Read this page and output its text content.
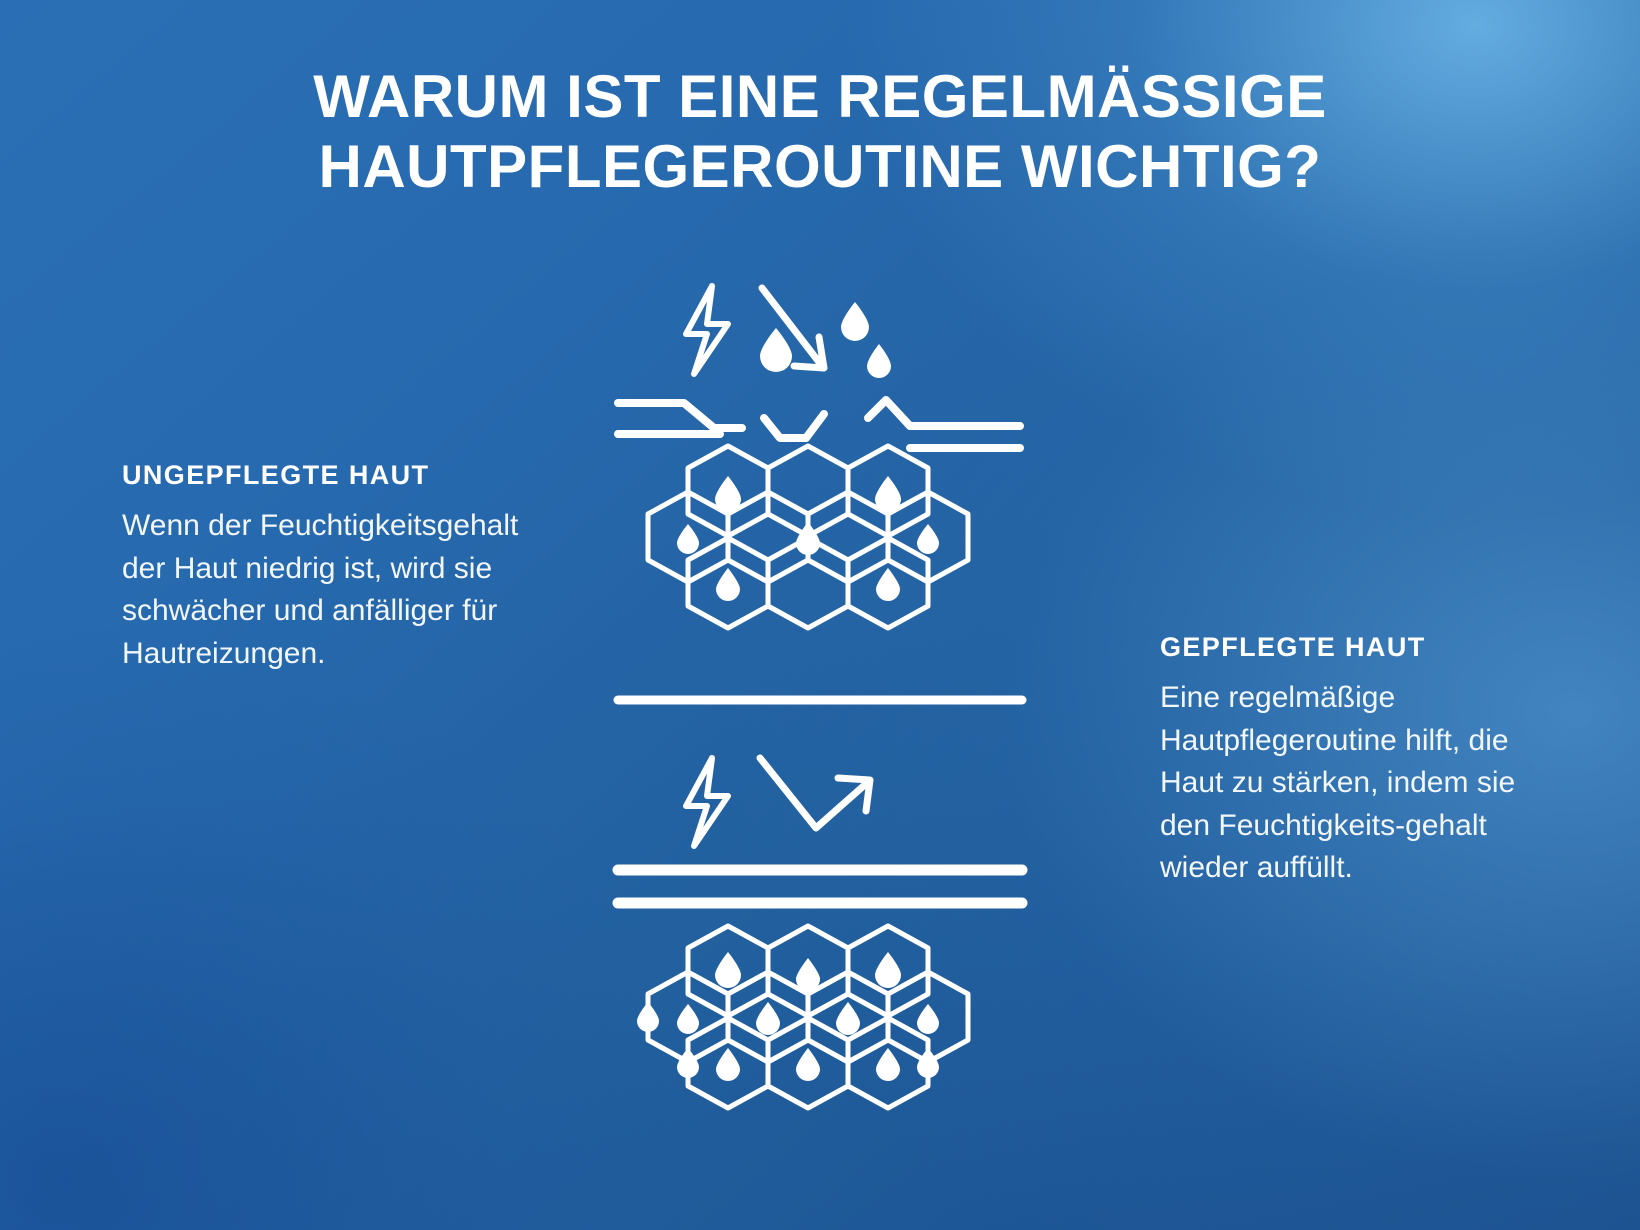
WARUM IST EINE REGELMÄSSIGE
HAUTPFLEGEROUTINE WICHTIG?
UNGEPFLEGTE HAUT
Wenn der Feuchtigkeitsgehalt der Haut niedrig ist, wird sie schwächer und anfälliger für Hautreizungen.	GEPFLEGTE HAUT
Eine regelmäßige Hautpflegeroutine hilft, die Haut zu stärken, indem sie den Feuchtigkeits-gehalt wieder auffüllt.
